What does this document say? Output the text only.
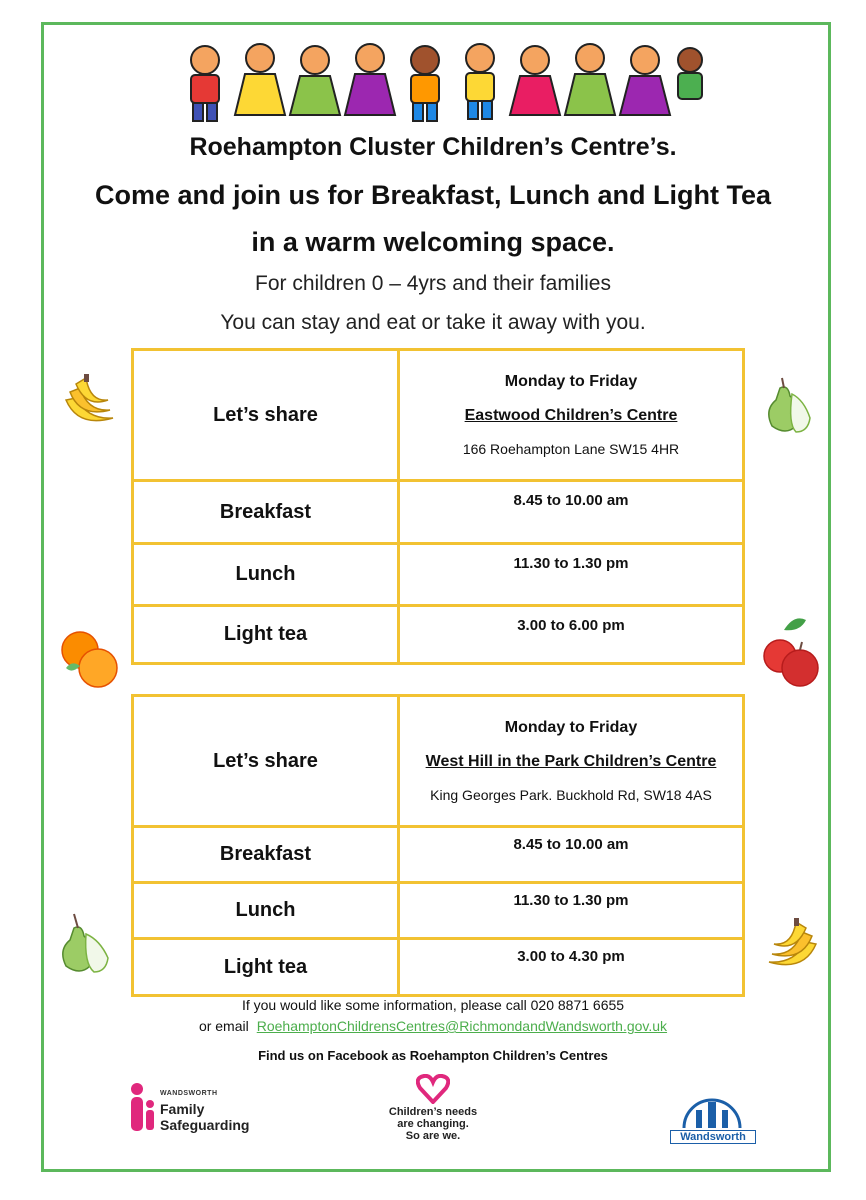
Roehampton Cluster Children’s Centre’s.
Come and join us for Breakfast, Lunch and Light Tea
in a warm welcoming space.
For children 0 – 4yrs and their families
You can stay and eat or take it away with you.
Let’s share	Monday to Friday
Eastwood Children’s Centre
166 Roehampton Lane SW15 4HR

Breakfast	8.45 to 10.00 am
Lunch	11.30 to 1.30 pm
Light tea	3.00 to 6.00 pm
Let’s share	Monday to Friday
West Hill in the Park Children’s Centre
King Georges Park. Buckhold Rd, SW18 4AS

Breakfast	8.45 to 10.00 am
Lunch	11.30 to 1.30 pm
Light tea	3.00 to 4.30 pm
If you would like some information, please call 020 8871 6655
or email RoehamptonChildrensCentres@RichmondandWandsworth.gov.uk
Find us on Facebook as Roehampton Children’s Centres
WANDSWORTH
Family
Safeguarding
Children’s needs
are changing.
So are we.	Wandsworth
